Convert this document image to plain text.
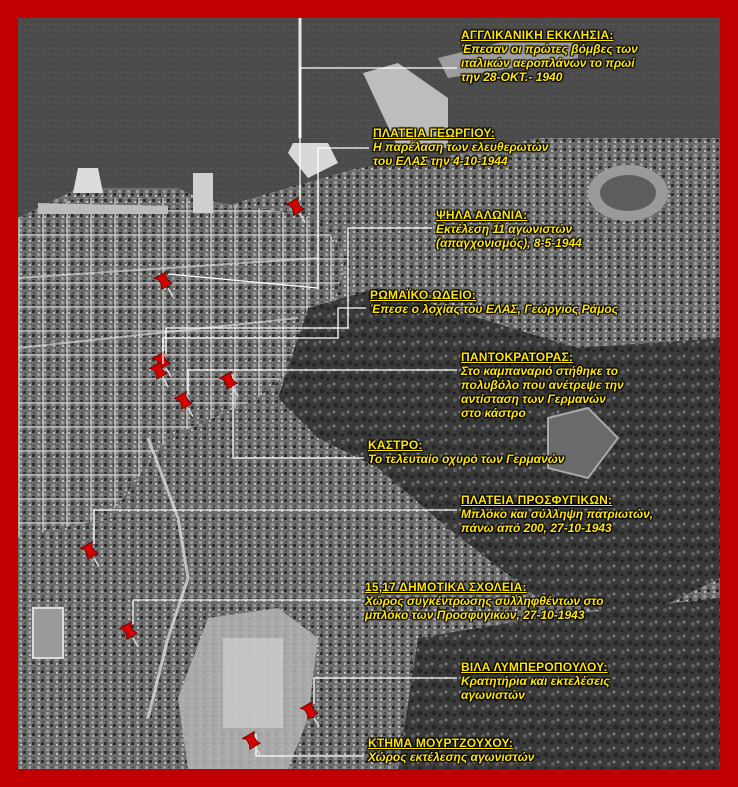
ΑΓΓΛΙΚΑΝΙΚΗ ΕΚΚΛΗΣΙΑ:
Έπεσαν οι πρώτες βόμβες των
ιταλικών αεροπλάνων το πρωί
την 28-ΟΚΤ.- 1940
ΠΛΑΤΕΙΑ ΓΕΩΡΓΙΟΥ:
Η παρέλαση των ελευθερωτών
του ΕΛΑΣ την 4-10-1944
ΨΗΛΑ ΑΛΩΝΙΑ:
Εκτέλεση 11 αγωνιστών
(απαγχονισμός), 8-5-1944
ΡΩΜΑΪΚΟ ΩΔΕΙΟ:
Έπεσε ο λοχίας του ΕΛΑΣ, Γεώργιος Ράμος
ΠΑΝΤΟΚΡΑΤΟΡΑΣ:
Στο καμπαναριό στήθηκε το
πολυβόλο που ανέτρεψε την
αντίσταση των Γερμανών
στο κάστρο
ΚΑΣΤΡΟ:
Το τελευταίο οχυρό των Γερμανών
ΠΛΑΤΕΙΑ ΠΡΟΣΦΥΓΙΚΩΝ:
Μπλόκο και σύλληψη πατριωτών,
πάνω από 200, 27-10-1943
15,17 ΔΗΜΟΤΙΚΑ ΣΧΟΛΕΙΑ:
Χώρος συγκέντρωσης συλληφθέντων στο
μπλόκο των Προσφυγικών, 27-10-1943
ΒΙΛΑ ΛΥΜΠΕΡΟΠΟΥΛΟΥ:
Κρατητήρια και εκτελέσεις
αγωνιστών
ΚΤΗΜΑ ΜΟΥΡΤΖΟΥΧΟΥ:
Χώρος εκτέλεσης αγωνιστών
